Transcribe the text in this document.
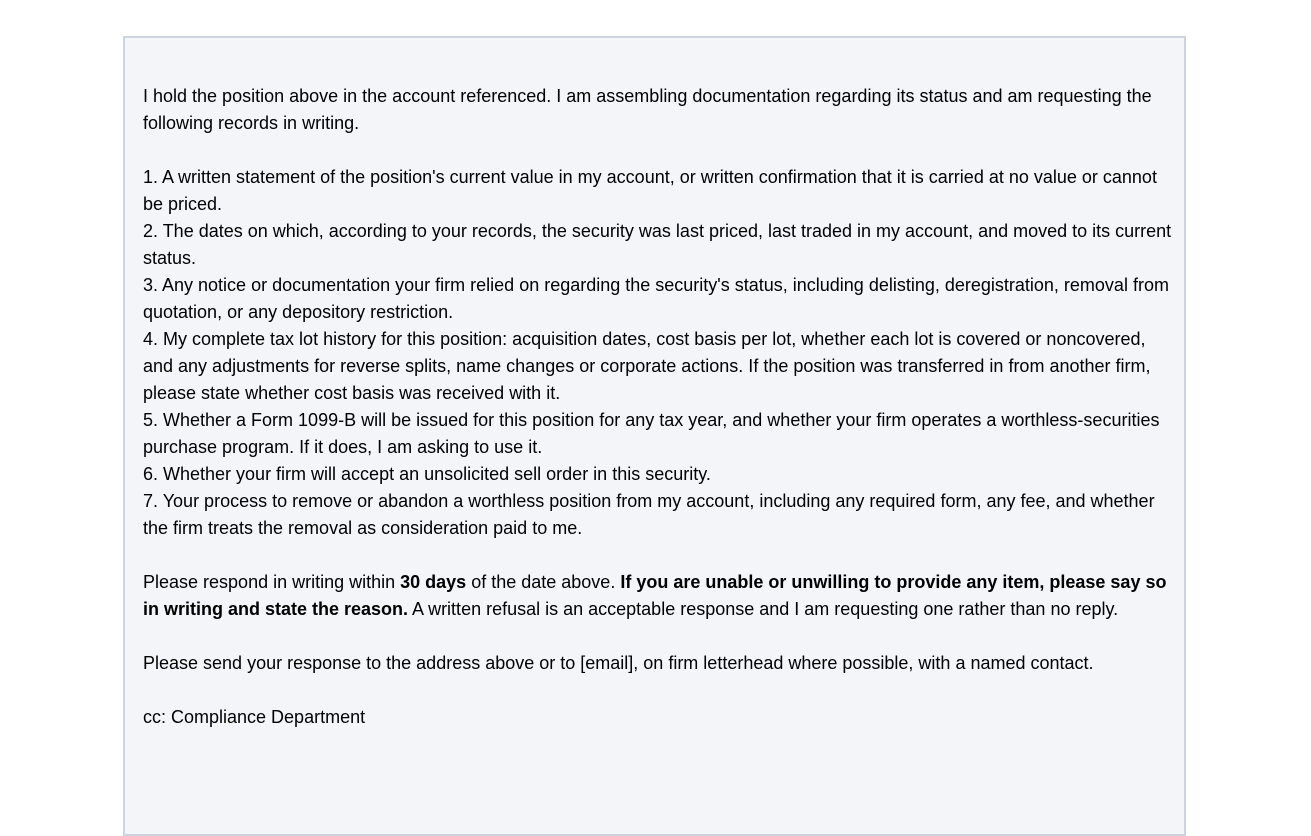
I hold the position above in the account referenced. I am assembling documentation regarding its status and am requesting the following records in writing.

1. A written statement of the position's current value in my account, or written confirmation that it is carried at no value or cannot be priced.
2. The dates on which, according to your records, the security was last priced, last traded in my account, and moved to its current status.
3. Any notice or documentation your firm relied on regarding the security's status, including delisting, deregistration, removal from quotation, or any depository restriction.
4. My complete tax lot history for this position: acquisition dates, cost basis per lot, whether each lot is covered or noncovered, and any adjustments for reverse splits, name changes or corporate actions. If the position was transferred in from another firm, please state whether cost basis was received with it.
5. Whether a Form 1099-B will be issued for this position for any tax year, and whether your firm operates a worthless-securities purchase program. If it does, I am asking to use it.
6. Whether your firm will accept an unsolicited sell order in this security.
7. Your process to remove or abandon a worthless position from my account, including any required form, any fee, and whether the firm treats the removal as consideration paid to me.

Please respond in writing within 30 days of the date above. If you are unable or unwilling to provide any item, please say so in writing and state the reason. A written refusal is an acceptable response and I am requesting one rather than no reply.

Please send your response to the address above or to [email], on firm letterhead where possible, with a named contact.

cc: Compliance Department
